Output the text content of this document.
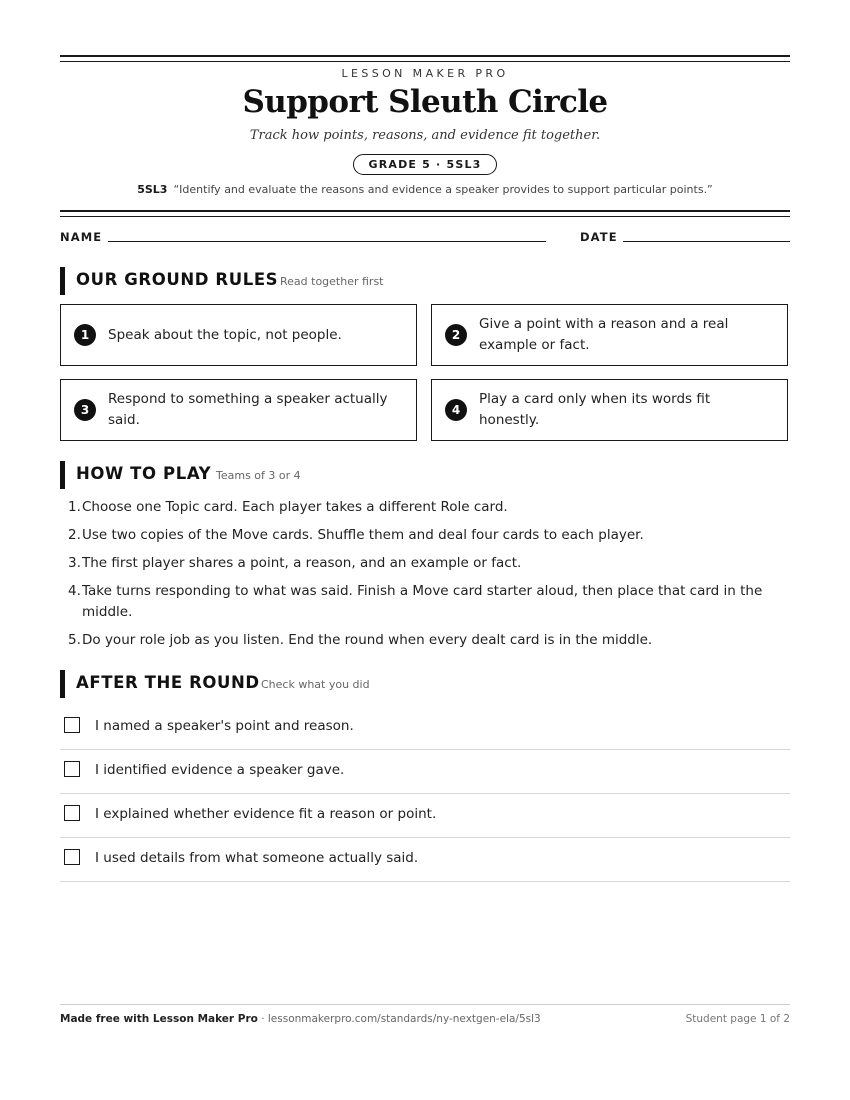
LESSON MAKER PRO
Support Sleuth Circle
Track how points, reasons, and evidence fit together.
GRADE 5 · 5SL3
5SL3 “Identify and evaluate the reasons and evidence a speaker provides to support particular points.”
NAME	DATE
OUR GROUND RULES Read together first
1	Speak about the topic, not people.	2
Give a point with a reason and a real example or fact.
3
Respond to something a speaker actually said.
4
Play a card only when its words fit honestly.
HOW TO PLAY Teams of 3 or 4
1. Choose one Topic card. Each player takes a different Role card.
2. Use two copies of the Move cards. Shuffle them and deal four cards to each player.
3. The first player shares a point, a reason, and an example or fact.
4. Take turns responding to what was said. Finish a Move card starter aloud, then place that card in the middle.
5. Do your role job as you listen. End the round when every dealt card is in the middle.
AFTER THE ROUND Check what you did
I named a speaker's point and reason.
I identified evidence a speaker gave.
I explained whether evidence fit a reason or point.
I used details from what someone actually said.
Made free with Lesson Maker Pro · lessonmakerpro.com/standards/ny-nextgen-ela/5sl3	Student page 1 of 2
